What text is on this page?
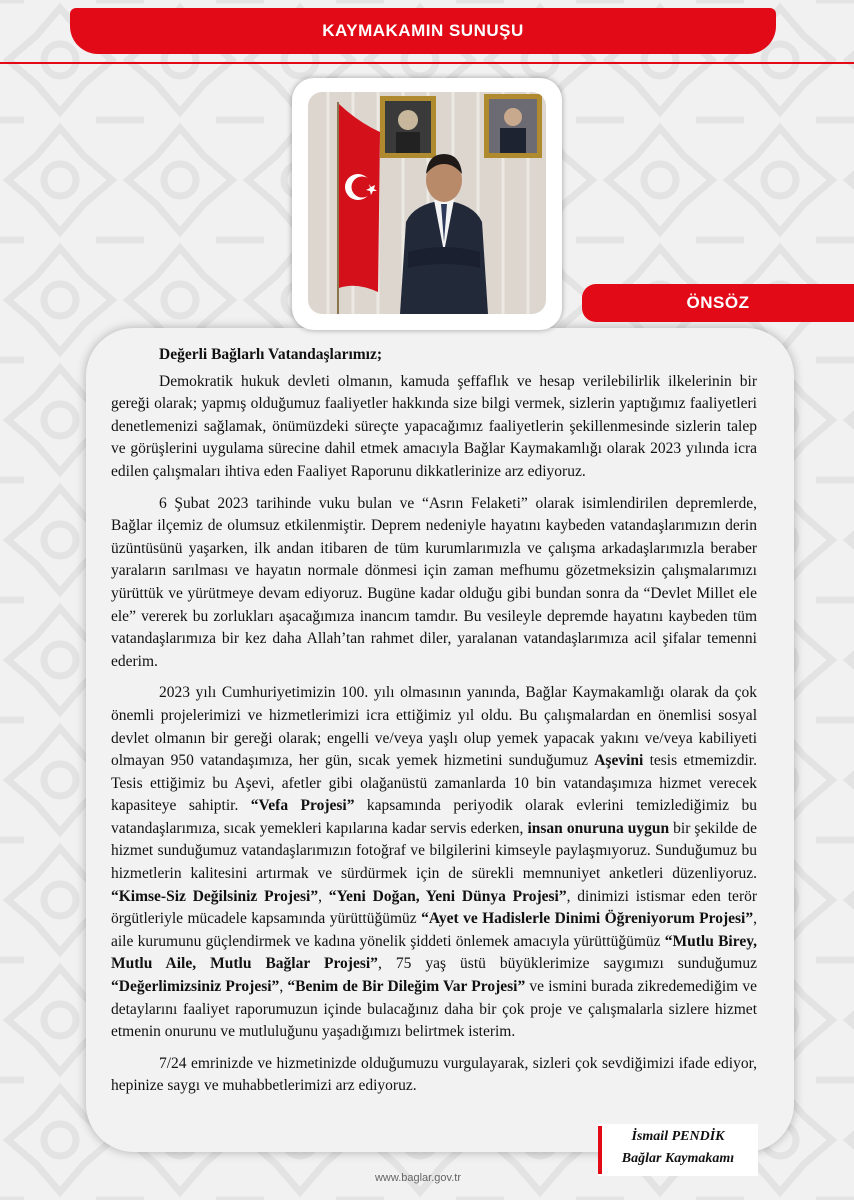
KAYMAKAMIN SUNUŞU
ÖNSÖZ

Değerli Bağlarlı Vatandaşlarımız;

Demokratik hukuk devleti olmanın, kamuda şeffaflık ve hesap verilebilirlik ilkelerinin bir gereği olarak; yapmış olduğumuz faaliyetler hakkında size bilgi vermek, sizlerin yaptığımız faaliyetleri denetlemenizi sağlamak, önümüzdeki süreçte yapacağımız faaliyetlerin şekillenmesinde sizlerin talep ve görüşlerini uygulama sürecine dahil etmek amacıyla Bağlar Kaymakamlığı olarak 2023 yılında icra edilen çalışmaları ihtiva eden Faaliyet Raporunu dikkatlerinize arz ediyoruz.

6 Şubat 2023 tarihinde vuku bulan ve “Asrın Felaketi” olarak isimlendirilen depremlerde, Bağlar ilçemiz de olumsuz etkilenmiştir. Deprem nedeniyle hayatını kaybeden vatandaşlarımızın derin üzüntüsünü yaşarken, ilk andan itibaren de tüm kurumlarımızla ve çalışma arkadaşlarımızla beraber yaraların sarılması ve hayatın normale dönmesi için zaman mefhumu gözetmeksizin çalışmalarımızı yürüttük ve yürütmeye devam ediyoruz. Bugüne kadar olduğu gibi bundan sonra da “Devlet Millet ele ele” vererek bu zorlukları aşacağımıza inancım tamdır. Bu vesileyle depremde hayatını kaybeden tüm vatandaşlarımıza bir kez daha Allah’tan rahmet diler, yaralanan vatandaşlarımıza acil şifalar temenni ederim.

2023 yılı Cumhuriyetimizin 100. yılı olmasının yanında, Bağlar Kaymakamlığı olarak da çok önemli projelerimizi ve hizmetlerimizi icra ettiğimiz yıl oldu. Bu çalışmalardan en önemlisi sosyal devlet olmanın bir gereği olarak; engelli ve/veya yaşlı olup yemek yapacak yakını ve/veya kabiliyeti olmayan 950 vatandaşımıza, her gün, sıcak yemek hizmetini sunduğumuz Aşevini tesis etmemizdir. Tesis ettiğimiz bu Aşevi, afetler gibi olağanüstü zamanlarda 10 bin vatandaşımıza hizmet verecek kapasiteye sahiptir. “Vefa Projesi” kapsamında periyodik olarak evlerini temizlediğimiz bu vatandaşlarımıza, sıcak yemekleri kapılarına kadar servis ederken, insan onuruna uygun bir şekilde de hizmet sunduğumuz vatandaşlarımızın fotoğraf ve bilgilerini kimseyle paylaşmıyoruz. Sunduğumuz bu hizmetlerin kalitesini artırmak ve sürdürmek için de sürekli memnuniyet anketleri düzenliyoruz. “Kimse-Siz Değilsiniz Projesi”, “Yeni Doğan, Yeni Dünya Projesi”, dinimizi istismar eden terör örgütleriyle mücadele kapsamında yürüttüğümüz “Ayet ve Hadislerle Dinimi Öğreniyorum Projesi”, aile kurumunu güçlendirmek ve kadına yönelik şiddeti önlemek amacıyla yürüttüğümüz “Mutlu Birey, Mutlu Aile, Mutlu Bağlar Projesi”, 75 yaş üstü büyüklerimize saygımızı sunduğumuz “Değerlimizsiniz Projesi”, “Benim de Bir Dileğim Var Projesi” ve ismini burada zikredemediğim ve detaylarını faaliyet raporumuzun içinde bulacağınız daha bir çok proje ve çalışmalarla sizlere hizmet etmenin onurunu ve mutluluğunu yaşadığımızı belirtmek isterim.

7/24 emrinizde ve hizmetinizde olduğumuzu vurgulayarak, sizleri çok sevdiğimizi ifade ediyor, hepinize saygı ve muhabbetlerimizi arz ediyoruz.

İsmail PENDİK
Bağlar Kaymakamı
www.baglar.gov.tr
